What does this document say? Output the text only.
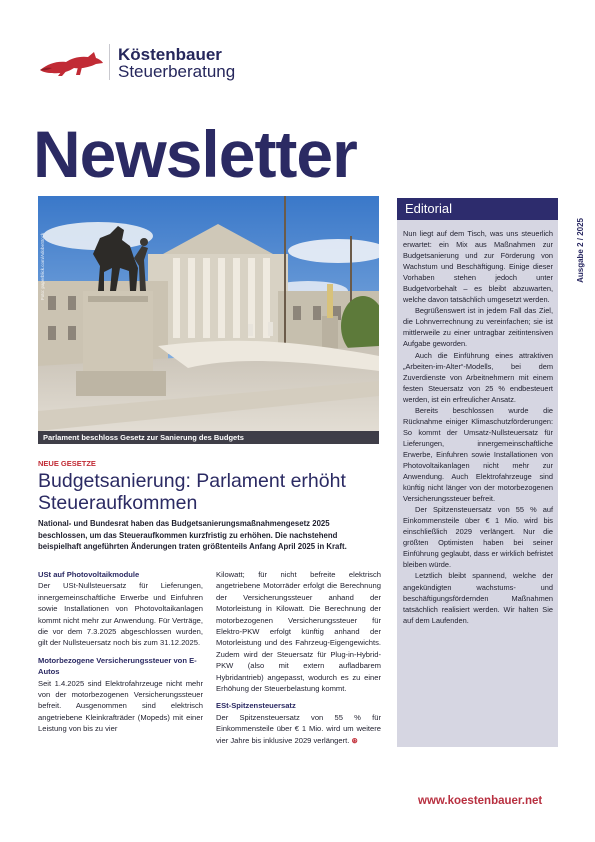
Köstenbauer
Steuerberatung
Newsletter
Ausgabe 2 / 2025
Foto: paperblick.com/AdobeStock
Parlament beschloss Gesetz zur Sanierung des Budgets
NEUE GESETZE
Budgetsanierung: Parlament erhöht Steueraufkommen
National- und Bundesrat haben das Budgetsanierungsmaßnahmengesetz 2025 beschlossen, um das Steueraufkommen kurzfristig zu erhöhen. Die nachstehend beispielhaft angeführten Änderungen traten größtenteils Anfang April 2025 in Kraft.
USt auf Photovoltaikmodule

Der USt-Nullsteuersatz für Lieferungen, innergemeinschaftliche Erwerbe und Einfuhren sowie Installationen von Photovoltaikanlagen kommt nicht mehr zur Anwendung. Für Verträge, die vor dem 7.3.2025 abgeschlossen wurden, gilt der Nullsteuersatz noch bis zum 31.12.2025.

Motorbezogene Versicherungssteuer von E-Autos

Seit 1.4.2025 sind Elektrofahrzeuge nicht mehr von der motorbezogenen Versicherungssteuer befreit. Ausgenommen sind elektrisch angetriebene Kleinkrafträder (Mopeds) mit einer Leistung von bis zu vier

Kilowatt; für nicht befreite elektrisch angetriebene Motorräder erfolgt die Berechnung der Versicherungssteuer anhand der Motorleistung in Kilowatt. Die Berechnung der motorbezogenen Versicherungssteuer für Elektro-PKW erfolgt künftig anhand der Motorleistung und des Fahrzeug-Eigengewichts. Zudem wird der Steuersatz für Plug-in-Hybrid-PKW (also mit extern aufladbarem Hybridantrieb) angepasst, wodurch es zu einer Erhöhung der Steuerbelastung kommt.

ESt-Spitzensteuersatz

Der Spitzensteuersatz von 55 % für Einkommensteile über € 1 Mio. wird um weitere vier Jahre bis inklusive 2029 verlängert. ⊛

Editorial

Nun liegt auf dem Tisch, was uns steuerlich erwartet: ein Mix aus Maßnahmen zur Budgetsanierung und zur Förderung von Wachstum und Beschäftigung. Einige dieser Vorhaben stehen jedoch unter Budgetvorbehalt – es bleibt abzuwarten, welche davon tatsächlich umgesetzt werden.

Begrüßenswert ist in jedem Fall das Ziel, die Lohnverrechnung zu vereinfachen; sie ist mittlerweile zu einer untragbar zeitintensiven Aufgabe geworden.

Auch die Einführung eines attraktiven „Arbeiten-im-Alter“-Modells, bei dem Zuverdienste von Arbeitnehmern mit einem festen Steuersatz von 25 % endbesteuert werden, ist ein erfreulicher Ansatz.

Bereits beschlossen wurde die Rücknahme einiger Klimaschutzförderungen: So kommt der Umsatz-Nullsteuersatz für Lieferungen, innergemeinschaftliche Erwerbe, Einfuhren sowie Installationen von Photovoltaikanlagen nicht mehr zur Anwendung. Auch Elektrofahrzeuge sind künftig nicht länger von der motorbezogenen Versicherungssteuer befreit.

Der Spitzensteuersatz von 55 % auf Einkommensteile über € 1 Mio. wird bis einschließlich 2029 verlängert. Nur die größten Optimisten haben bei seiner Einführung geglaubt, dass er wirklich befristet bleiben würde.

Letztlich bleibt spannend, welche der angekündigten wachstums- und beschäftigungsfördernden Maßnahmen tatsächlich realisiert werden. Wir halten Sie auf dem Laufenden.

www.koestenbauer.net
